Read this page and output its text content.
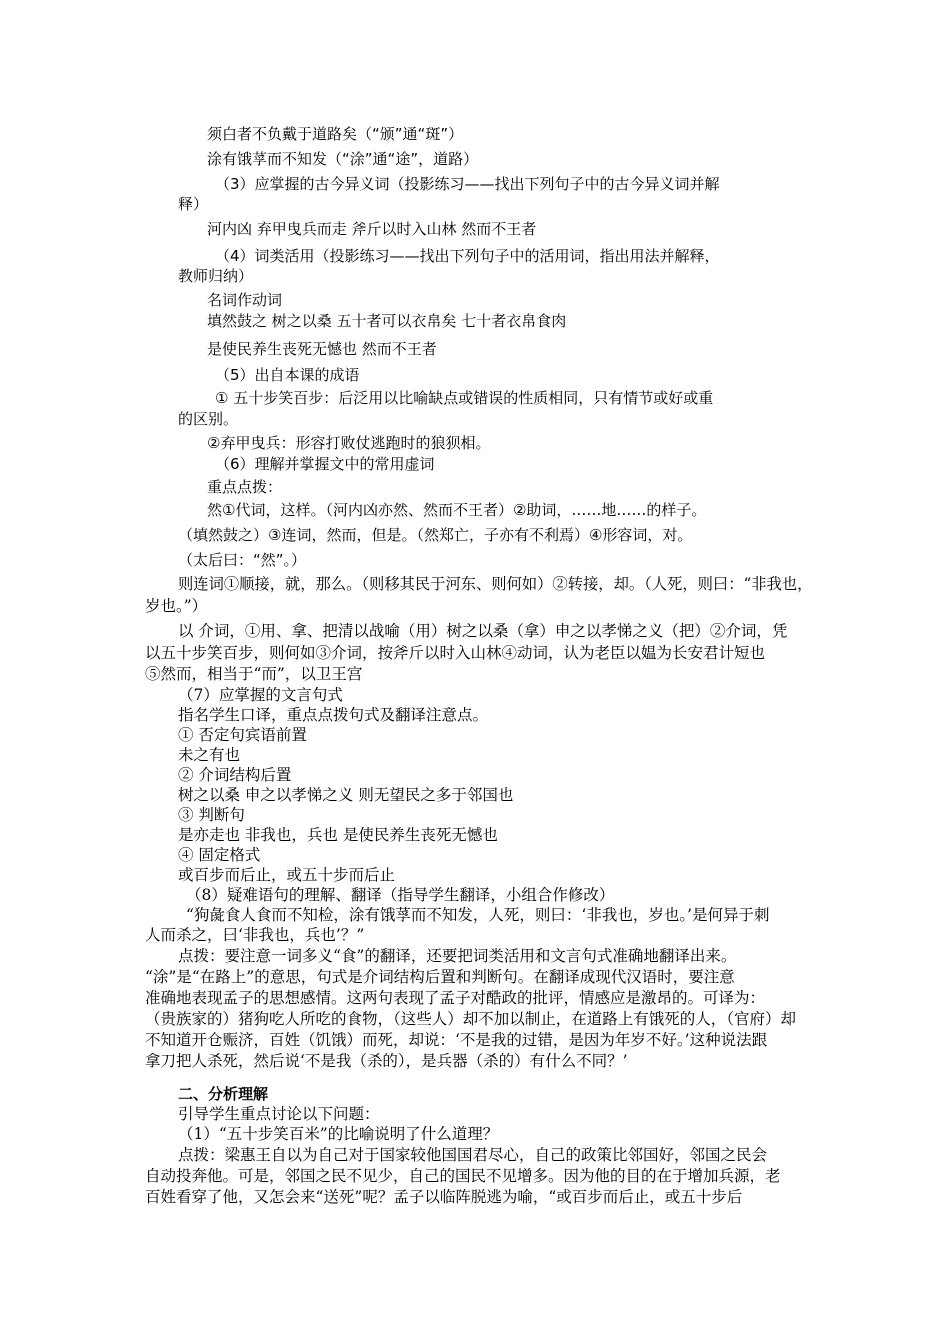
须白者不负戴于道路矣（“颁”通“斑”）
涂有饿莩而不知发（“涂”通“途”，道路）
（3）应掌握的古今异义词（投影练习——找出下列句子中的古今异义词并解
释）
河内凶 弃甲曳兵而走 斧斤以时入山林 然而不王者
（4）词类活用（投影练习——找出下列句子中的活用词，指出用法并解释，
教师归纳）
名词作动词
填然鼓之 树之以桑 五十者可以衣帛矣 七十者衣帛食肉
是使民养生丧死无憾也 然而不王者
（5）出自本课的成语
① 五十步笑百步：后泛用以比喻缺点或错误的性质相同，只有情节或好或重
的区别。
②弃甲曳兵：形容打败仗逃跑时的狼狈相。
（6）理解并掌握文中的常用虚词
重点点拨：
然①代词，这样。（河内凶亦然、然而不王者）②助词，……地……的样子。
（填然鼓之）③连词，然而，但是。（然郑亡，子亦有不利焉）④形容词，对。
（太后曰：“然”。）
则连词①顺接，就，那么。（则移其民于河东、则何如）②转接，却。（人死，则曰：“非我也，
岁也。”）
以 介词，①用、拿、把清以战喻（用）树之以桑（拿）申之以孝悌之义（把）②介词，凭
以五十步笑百步，则何如③介词，按斧斤以时入山林④动词，认为老臣以媪为长安君计短也
⑤然而，相当于“而”，以卫王宫
（7）应掌握的文言句式
指名学生口译，重点点拨句式及翻译注意点。
① 否定句宾语前置
未之有也
② 介词结构后置
树之以桑 申之以孝悌之义 则无望民之多于邻国也
③ 判断句
是亦走也 非我也，兵也 是使民养生丧死无憾也
④ 固定格式
或百步而后止，或五十步而后止
（8）疑难语句的理解、翻译（指导学生翻译，小组合作修改）
“狗彘食人食而不知检，涂有饿莩而不知发，人死，则曰：‘非我也，岁也。’是何异于刺
人而杀之，曰‘非我也，兵也’？”
点拨：要注意一词多义“食”的翻译，还要把词类活用和文言句式准确地翻译出来。
“涂”是“在路上”的意思，句式是介词结构后置和判断句。在翻译成现代汉语时，要注意
准确地表现孟子的思想感情。这两句表现了孟子对酷政的批评，情感应是激昂的。可译为：
（贵族家的）猪狗吃人所吃的食物，（这些人）却不加以制止，在道路上有饿死的人，（官府）却
不知道开仓赈济，百姓（饥饿）而死，却说：‘不是我的过错，是因为年岁不好。’这种说法跟
拿刀把人杀死，然后说‘不是我（杀的），是兵器（杀的）有什么不同？’
二、分析理解
引导学生重点讨论以下问题：
（1）“五十步笑百米”的比喻说明了什么道理？
点拨：梁惠王自以为自己对于国家较他国国君尽心，自己的政策比邻国好，邻国之民会
自动投奔他。可是，邻国之民不见少，自己的国民不见增多。因为他的目的在于增加兵源，老
百姓看穿了他，又怎会来“送死”呢？孟子以临阵脱逃为喻，“或百步而后止，或五十步后
